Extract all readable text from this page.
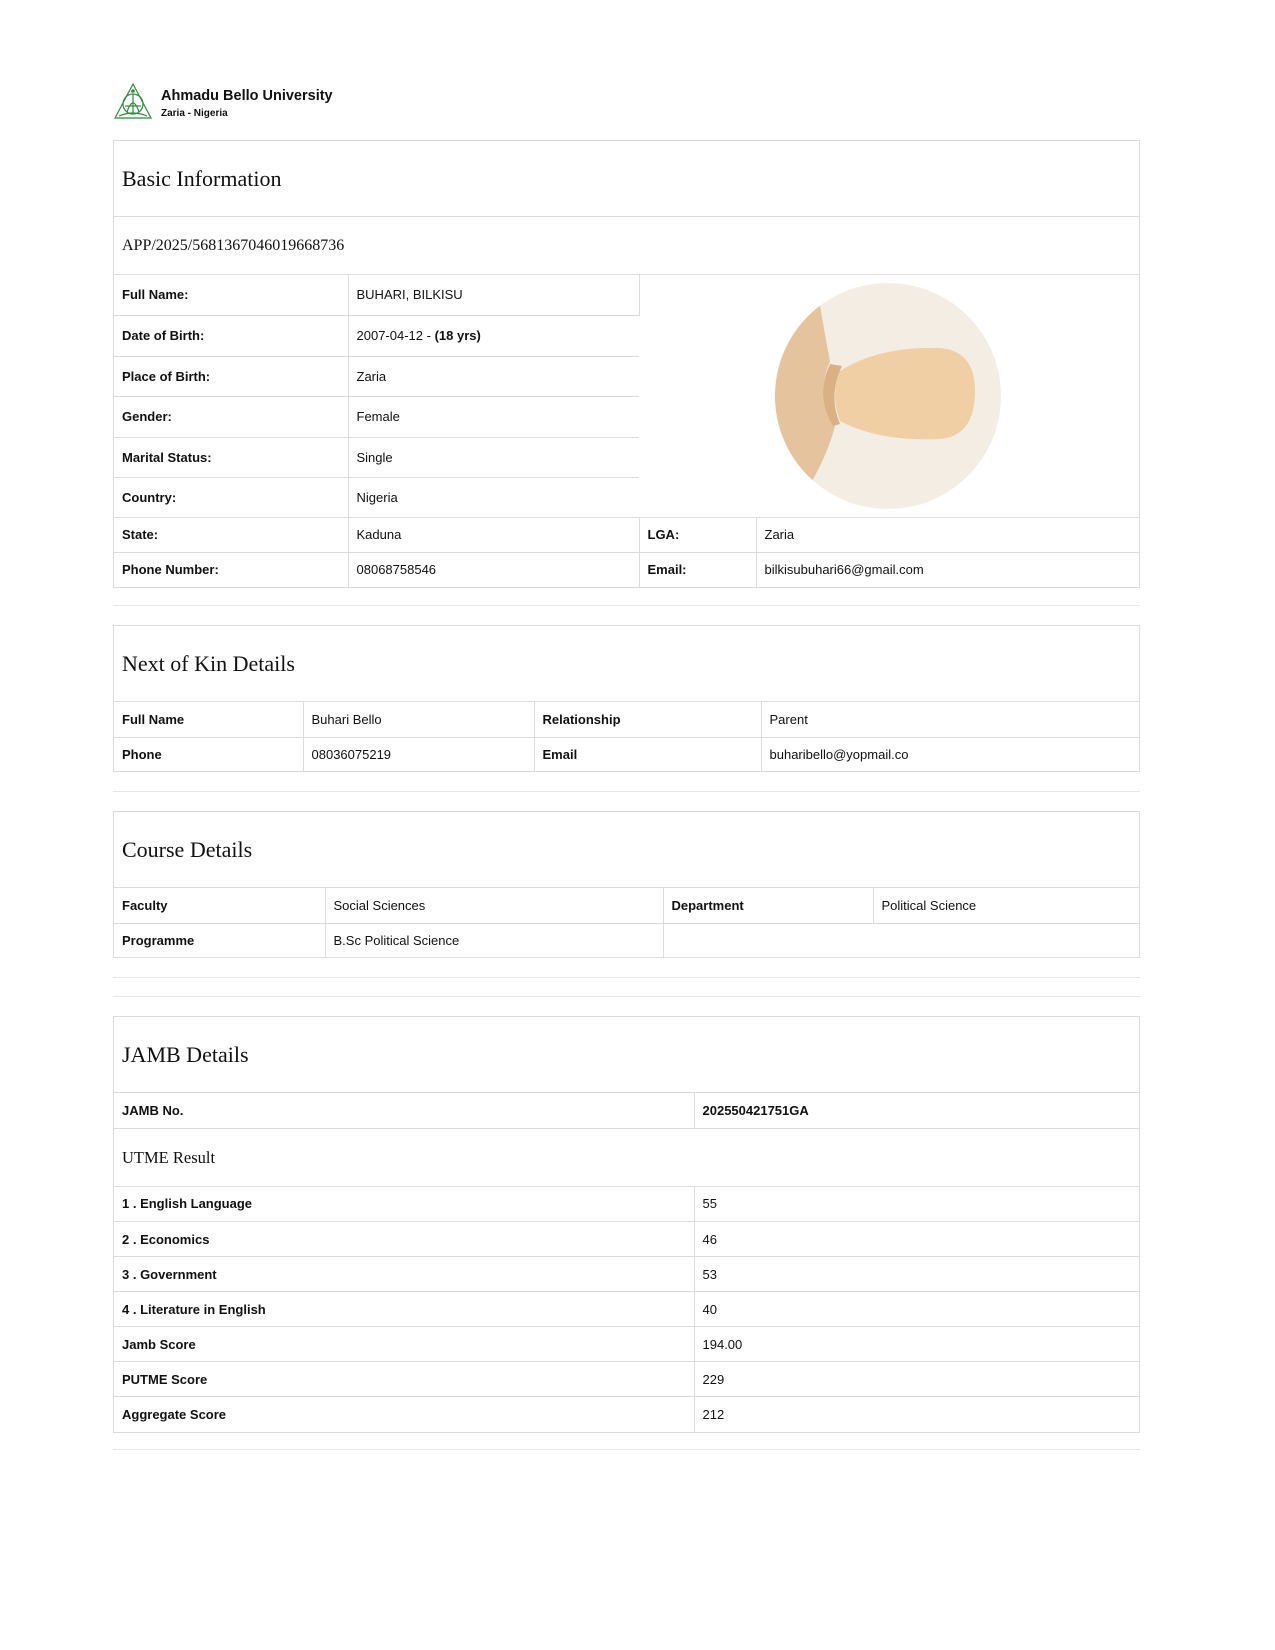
Ahmadu Bello University
Zaria - Nigeria
Basic Information
APP/2025/5681367046019668736
Full Name:	BUHARI, BILKISU	

Date of Birth:	2007-04-12 - (18 yrs)		
Place of Birth:	Zaria		
Gender:	Female		
Marital Status:	Single		
Country:	Nigeria		
State:	Kaduna	LGA:	Zaria
Phone Number:	08068758546	Email:	bilkisubuhari66@gmail.com
Next of Kin Details
Full Name	Buhari Bello	Relationship	Parent
Phone	08036075219	Email	buharibello@yopmail.co
Course Details
Faculty	Social Sciences	Department	Political Science
Programme	B.Sc Political Science		
JAMB Details
JAMB No.	202550421751GA
UTME Result
1 . English Language	55
2 . Economics	46
3 . Government	53
4 . Literature in English	40
Jamb Score	194.00
PUTME Score	229
Aggregate Score	212
